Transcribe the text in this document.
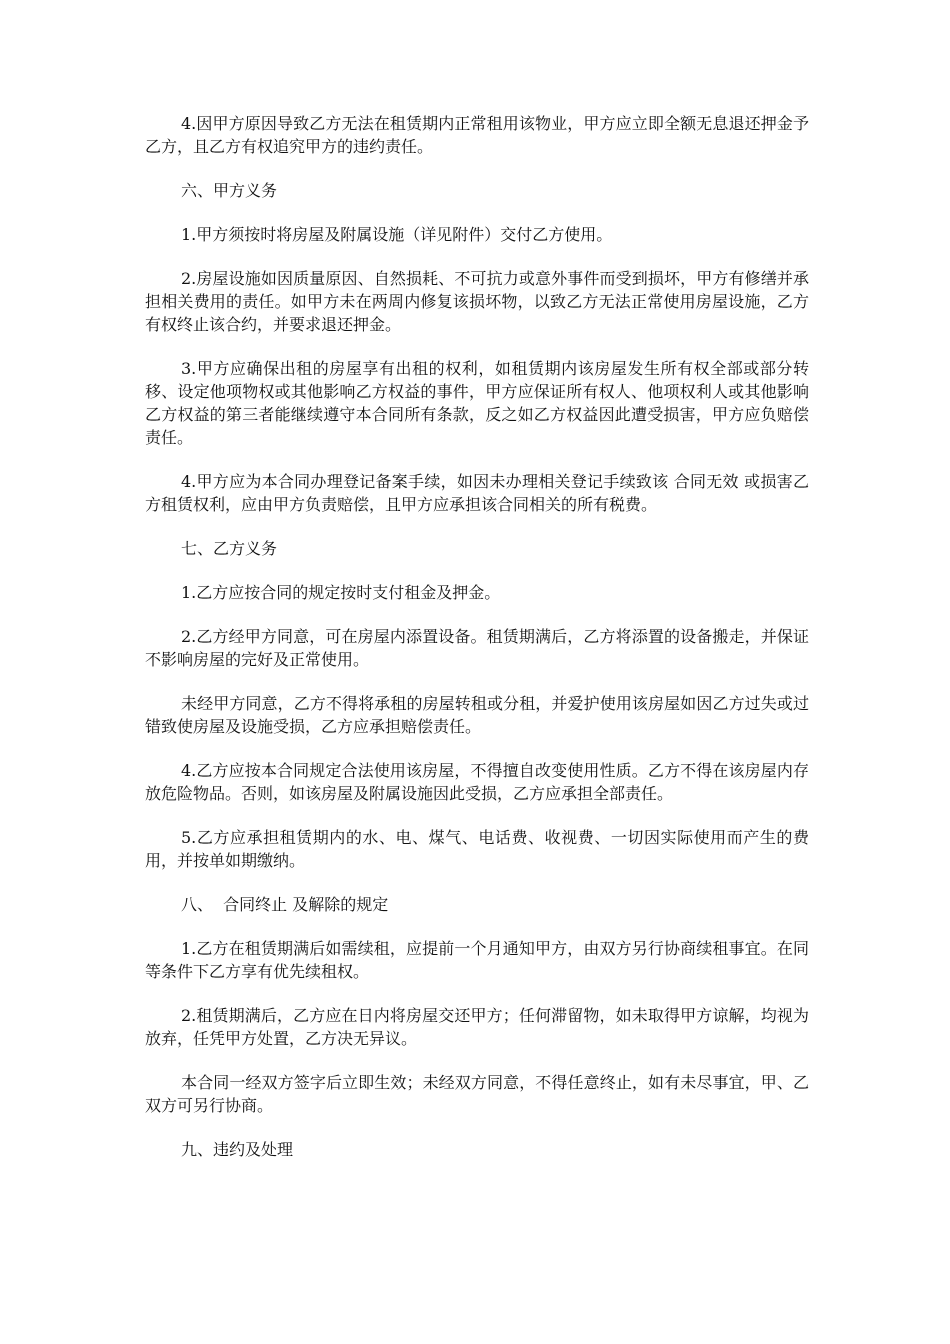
4.因甲方原因导致乙方无法在租赁期内正常租用该物业，甲方应立即全额无息退还押金予乙方，且乙方有权追究甲方的违约责任。

六、甲方义务

1.甲方须按时将房屋及附属设施（详见附件）交付乙方使用。

2.房屋设施如因质量原因、自然损耗、不可抗力或意外事件而受到损坏，甲方有修缮并承担相关费用的责任。如甲方未在两周内修复该损坏物，以致乙方无法正常使用房屋设施，乙方有权终止该合约，并要求退还押金。

3.甲方应确保出租的房屋享有出租的权利，如租赁期内该房屋发生所有权全部或部分转移、设定他项物权或其他影响乙方权益的事件，甲方应保证所有权人、他项权利人或其他影响乙方权益的第三者能继续遵守本合同所有条款，反之如乙方权益因此遭受损害，甲方应负赔偿责任。

4.甲方应为本合同办理登记备案手续，如因未办理相关登记手续致该 合同无效 或损害乙方租赁权利，应由甲方负责赔偿，且甲方应承担该合同相关的所有税费。

七、乙方义务

1.乙方应按合同的规定按时支付租金及押金。

2.乙方经甲方同意，可在房屋内添置设备。租赁期满后，乙方将添置的设备搬走，并保证不影响房屋的完好及正常使用。

未经甲方同意，乙方不得将承租的房屋转租或分租，并爱护使用该房屋如因乙方过失或过错致使房屋及设施受损，乙方应承担赔偿责任。

4.乙方应按本合同规定合法使用该房屋，不得擅自改变使用性质。乙方不得在该房屋内存放危险物品。否则，如该房屋及附属设施因此受损，乙方应承担全部责任。

5.乙方应承担租赁期内的水、电、煤气、电话费、收视费、一切因实际使用而产生的费用，并按单如期缴纳。

八、  合同终止 及解除的规定

1.乙方在租赁期满后如需续租，应提前一个月通知甲方，由双方另行协商续租事宜。在同等条件下乙方享有优先续租权。

2.租赁期满后，乙方应在日内将房屋交还甲方；任何滞留物，如未取得甲方谅解，均视为放弃，任凭甲方处置，乙方决无异议。

本合同一经双方签字后立即生效；未经双方同意，不得任意终止，如有未尽事宜，甲、乙双方可另行协商。

九、违约及处理
